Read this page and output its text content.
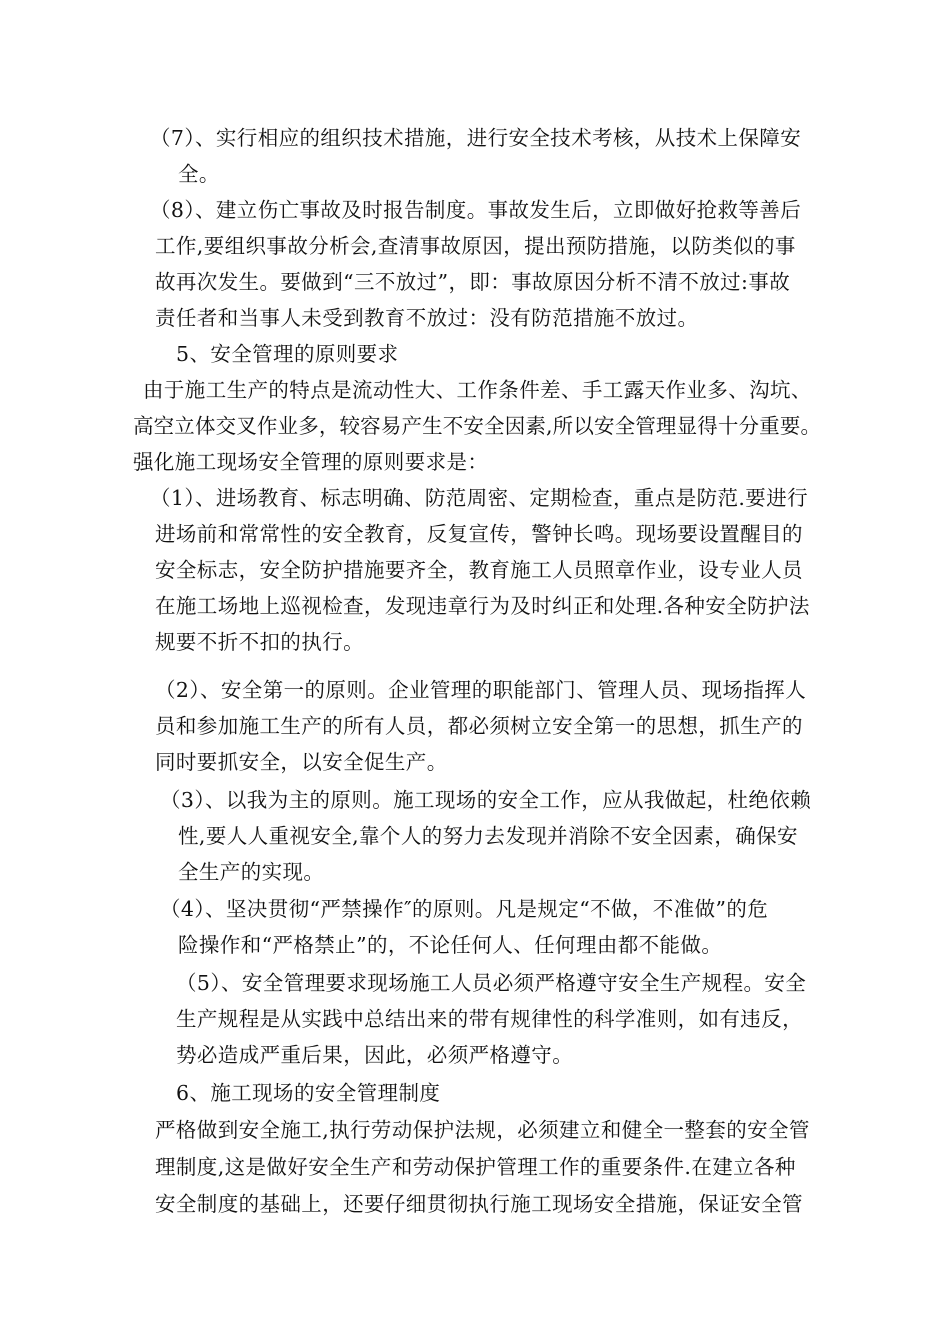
（7）、实行相应的组织技术措施，进行安全技术考核，从技术上保障安
全。
（8）、建立伤亡事故及时报告制度。事故发生后，立即做好抢救等善后
工作,要组织事故分析会,查清事故原因，提出预防措施，以防类似的事
故再次发生。要做到“三不放过”，即：事故原因分析不清不放过:事故
责任者和当事人未受到教育不放过：没有防范措施不放过。
5、安全管理的原则要求
由于施工生产的特点是流动性大、工作条件差、手工露天作业多、沟坑、
高空立体交叉作业多，较容易产生不安全因素,所以安全管理显得十分重要。
强化施工现场安全管理的原则要求是：
（1）、进场教育、标志明确、防范周密、定期检查，重点是防范.要进行
进场前和常常性的安全教育，反复宣传，警钟长鸣。现场要设置醒目的
安全标志，安全防护措施要齐全，教育施工人员照章作业，设专业人员
在施工场地上巡视检查，发现违章行为及时纠正和处理.各种安全防护法
规要不折不扣的执行。
（2）、安全第一的原则。企业管理的职能部门、管理人员、现场指挥人
员和参加施工生产的所有人员，都必须树立安全第一的思想，抓生产的
同时要抓安全，以安全促生产。
（3）、以我为主的原则。施工现场的安全工作，应从我做起，杜绝依赖
性,要人人重视安全,靠个人的努力去发现并消除不安全因素，确保安
全生产的实现。
（4）、坚决贯彻“严禁操作″的原则。凡是规定“不做，不准做”的危
险操作和“严格禁止”的，不论任何人、任何理由都不能做。
（5）、安全管理要求现场施工人员必须严格遵守安全生产规程。安全
生产规程是从实践中总结出来的带有规律性的科学准则，如有违反，
势必造成严重后果，因此，必须严格遵守。
6、施工现场的安全管理制度
严格做到安全施工,执行劳动保护法规，必须建立和健全一整套的安全管
理制度,这是做好安全生产和劳动保护管理工作的重要条件.在建立各种
安全制度的基础上，还要仔细贯彻执行施工现场安全措施，保证安全管
